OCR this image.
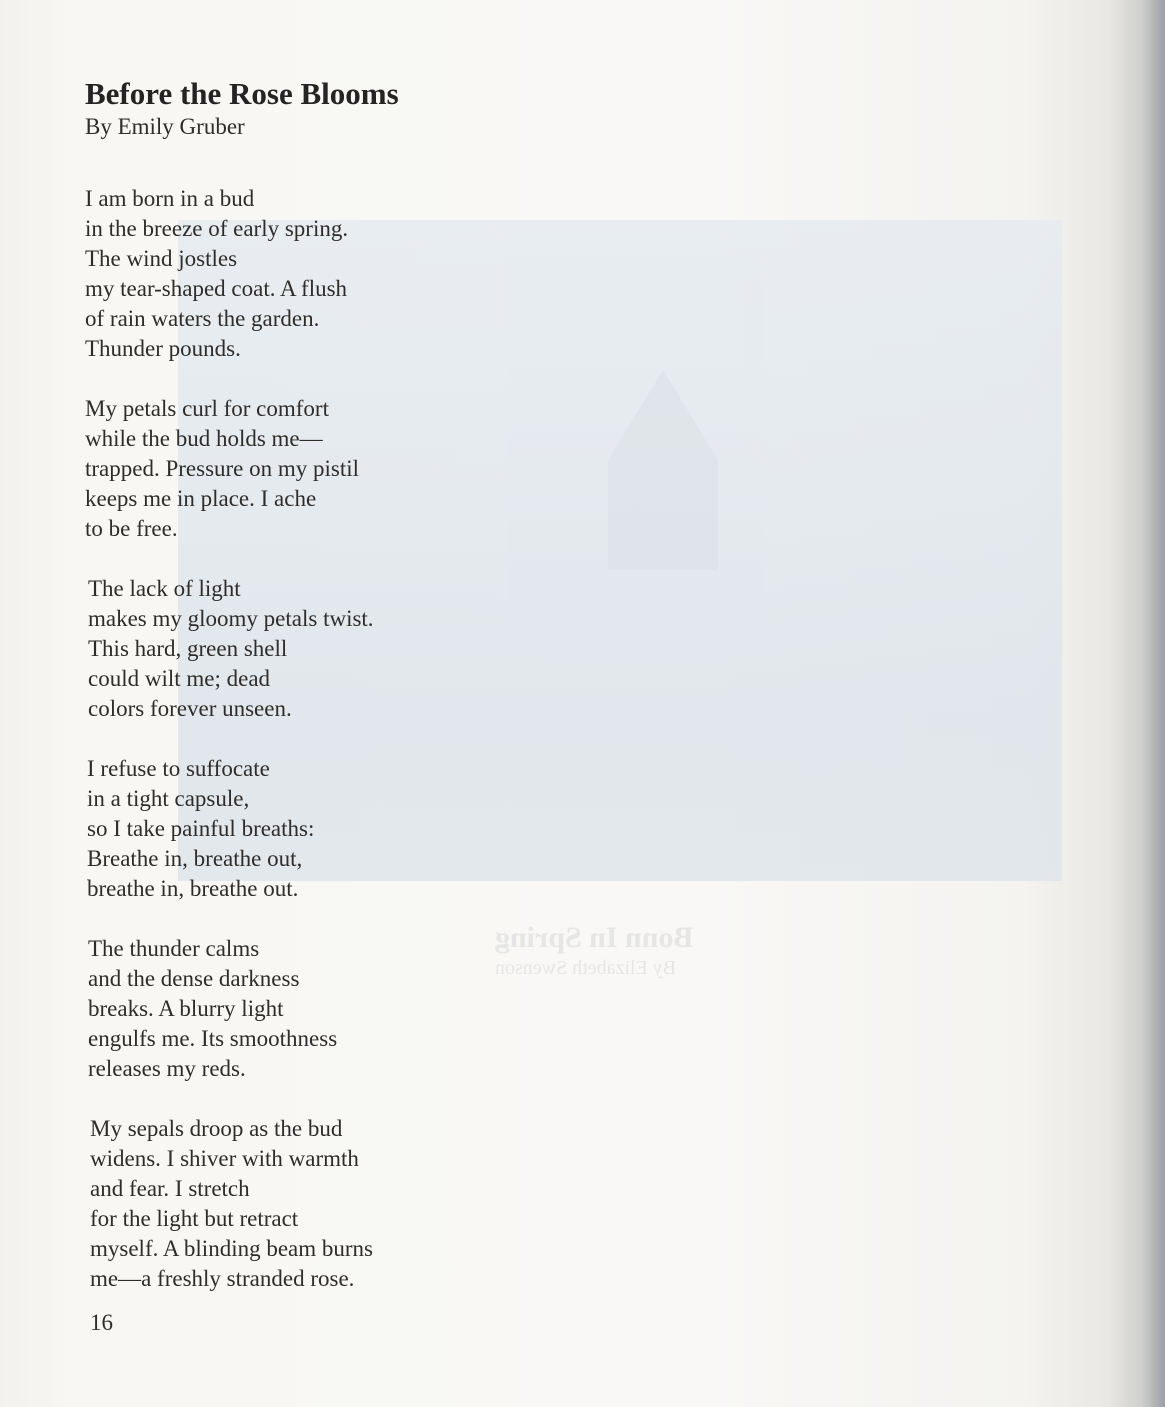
Bonn In Spring
By Elizabeth Swenson
Before the Rose Blooms

By Emily Gruber

I am born in a bud
in the breeze of early spring.
The wind jostles
my tear-shaped coat. A flush
of rain waters the garden.
Thunder pounds.
My petals curl for comfort
while the bud holds me—
trapped. Pressure on my pistil
keeps me in place. I ache
to be free.
The lack of light
makes my gloomy petals twist.
This hard, green shell
could wilt me; dead
colors forever unseen.
I refuse to suffocate
in a tight capsule,
so I take painful breaths:
Breathe in, breathe out,
breathe in, breathe out.
The thunder calms
and the dense darkness
breaks. A blurry light
engulfs me. Its smoothness
releases my reds.
My sepals droop as the bud
widens. I shiver with warmth
and fear. I stretch
for the light but retract
myself. A blinding beam burns
me—a freshly stranded rose.
16
